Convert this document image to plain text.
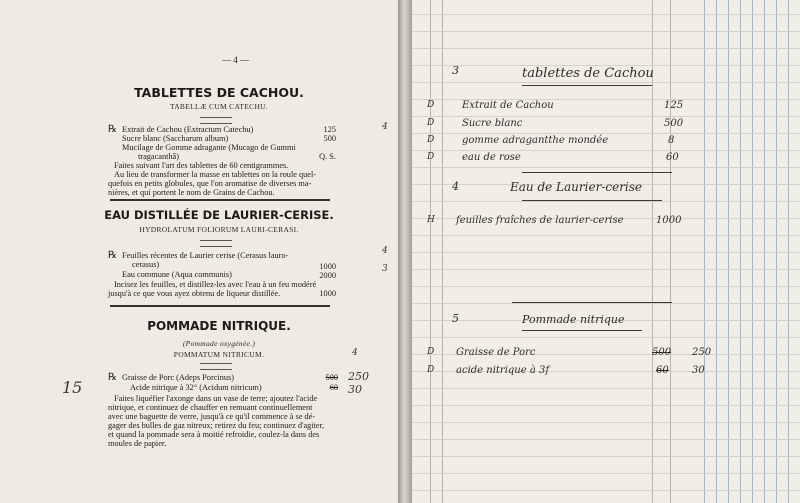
— 4 —
TABLETTES DE CACHOU.
TABELLÆ CUM CATECHU.
℞ Extrait de Cachou (Extractum Catechu)	125
Sucre blanc (Saccharum album)	500
Mucilage de Gomme adragante (Mucago de Gummi
tragacanthâ)	Q. S.
Faites suivant l'art des tablettes de 60 centigrammes.
Au lieu de transformer la masse en tablettes on la roule quel-
quefois en petits globules, que l'on aromatise de diverses ma-
nières, et qui portent le nom de Grains de Cachou.
EAU DISTILLÉE DE LAURIER-CERISE.
HYDROLATUM FOLIORUM LAURI-CERASI.
℞ Feuilles récentes de Laurier cerise (Cerasus lauro-
cerasus)	1000
Eau commune (Aqua communis)	2000
Incisez les feuilles, et distillez-les avec l'eau à un feu modéré
jusqu'à ce que vous ayez obtenu de liqueur distillée.	1000
POMMADE NITRIQUE.
(Pommade oxygénée.)
POMMATUM NITRICUM.
℞ Graisse de Porc (Adeps Porcinus)	500 250
Acide nitrique à 32° (Acidum nitricum)	60 30
Faites liquéfier l'axonge dans un vase de terre; ajoutez l'acide
nitrique, et continuez de chauffer en remuant continuellement
avec une baguette de verre, jusqu'à ce qu'il commence à se dé-
gager des bulles de gaz nitreux; retirez du feu; continuez d'agiter,
et quand la pommade sera à moitié refroidie, coulez-la dans des
moules de papier.
15
4
4
3
4
3	tablettes de Cachou
D	Extrait de Cachou	125
D	Sucre blanc	500
D	gomme adragantthe mondée	8
D	eau de rose	60
4	Eau de Laurier-cerise
H feuilles fraîches de laurier-cerise	1000
5	Pommade nitrique
D Graisse de Porc	500 250
D acide nitrique à 3f	60 30
